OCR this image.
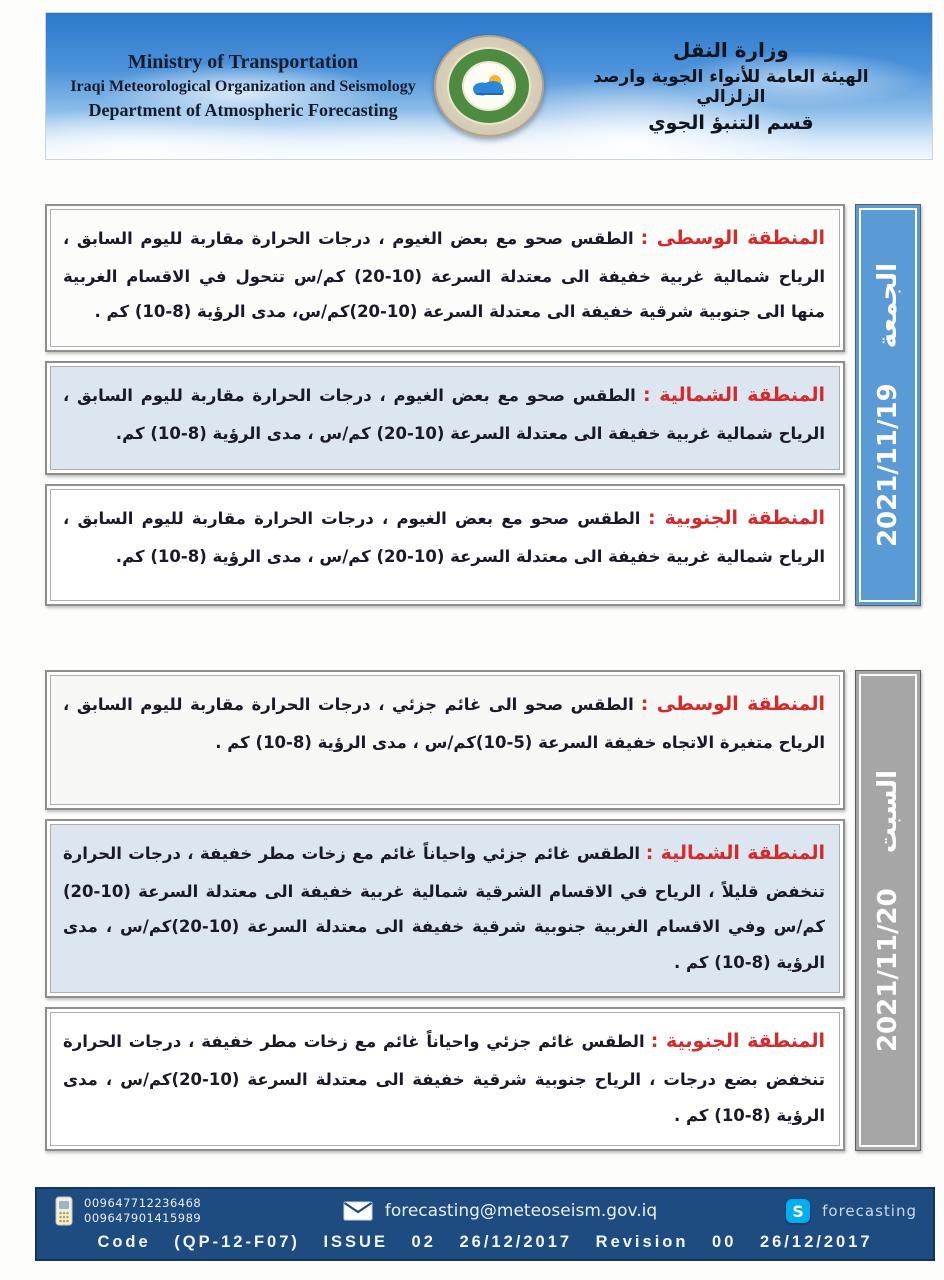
Ministry of Transportation
Iraqi Meteorological Organization and Seismology
Department of Atmospheric Forecasting
وزارة النقل
الهيئة العامة للأنواء الجوية وارصد الزلزالي
قسم التنبؤ الجوي

المنطقة الوسطى : الطقس صحو مع بعض الغيوم ، درجات الحرارة مقاربة لليوم السابق ، الرياح شمالية غربية خفيفة الى معتدلة السرعة (10-20) كم/س تتحول في الاقسام الغربية منها الى جنوبية شرقية خفيفة الى معتدلة السرعة (10-20)كم/س، مدى الرؤية (8-10) كم .

المنطقة الشمالية : الطقس صحو مع بعض الغيوم ، درجات الحرارة مقاربة لليوم السابق ، الرياح شمالية غربية خفيفة الى معتدلة السرعة (10-20) كم/س ، مدى الرؤية (8-10) كم.

المنطقة الجنوبية : الطقس صحو مع بعض الغيوم ، درجات الحرارة مقاربة لليوم السابق ، الرياح شمالية غربية خفيفة الى معتدلة السرعة (10-20) كم/س ، مدى الرؤية (8-10) كم.

الجمعة 2021/11/19

المنطقة الوسطى : الطقس صحو الى غائم جزئي ، درجات الحرارة مقاربة لليوم السابق ، الرياح متغيرة الاتجاه خفيفة السرعة (5-10)كم/س ، مدى الرؤية (8-10) كم .

المنطقة الشمالية : الطقس غائم جزئي واحياناً غائم مع زخات مطر خفيفة ، درجات الحرارة تنخفض قليلاً ، الرياح في الاقسام الشرقية شمالية غربية خفيفة الى معتدلة السرعة (10-20) كم/س وفي الاقسام الغربية جنوبية شرقية خفيفة الى معتدلة السرعة (10-20)كم/س ، مدى الرؤية (8-10) كم .

المنطقة الجنوبية : الطقس غائم جزئي واحياناً غائم مع زخات مطر خفيفة ، درجات الحرارة تنخفض بضع درجات ، الرياح جنوبية شرقية خفيفة الى معتدلة السرعة (10-20)كم/س ، مدى الرؤية (8-10) كم .

السبت 2021/11/20
009647712236468
009647901415989	forecasting@meteoseism.gov.iq	S	forecasting
Code (QP-12-F07) ISSUE 02 26/12/2017 Revision 00 26/12/2017
